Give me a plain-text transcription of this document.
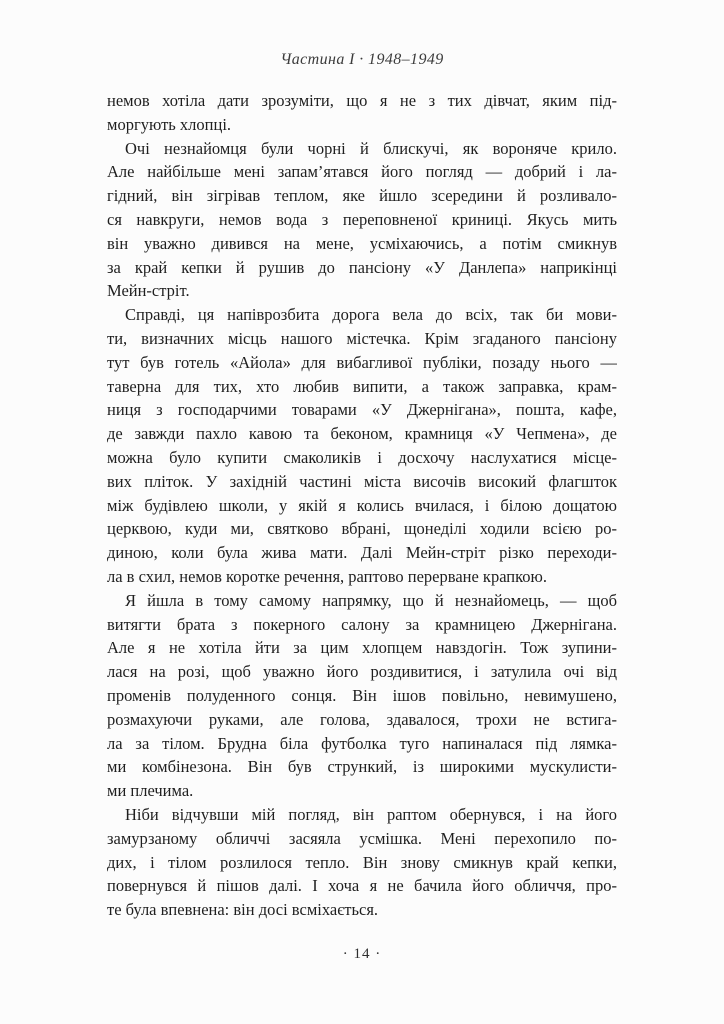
Частина I · 1948–1949
немов хотіла дати зрозуміти, що я не з тих дівчат, яким під-
моргують хлопці.
Очі незнайомця були чорні й блискучі, як вороняче крило.
Але найбільше мені запам’ятався його погляд — добрий і ла-
гідний, він зігрівав теплом, яке йшло зсередини й розливало-
ся навкруги, немов вода з переповненої криниці. Якусь мить
він уважно дивився на мене, усміхаючись, а потім смикнув
за край кепки й рушив до пансіону «У Данлепа» наприкінці
Мейн-стріт.
Справді, ця напіврозбита дорога вела до всіх, так би мови-
ти, визначних місць нашого містечка. Крім згаданого пансіону
тут був готель «Айола» для вибагливої публіки, позаду нього —
таверна для тих, хто любив випити, а також заправка, крам-
ниця з господарчими товарами «У Джернігана», пошта, кафе,
де завжди пахло кавою та беконом, крамниця «У Чепмена», де
можна було купити смаколиків і досхочу наслухатися місце-
вих пліток. У західній частині міста височів високий флагшток
між будівлею школи, у якій я колись вчилася, і білою дощатою
церквою, куди ми, святково вбрані, щонеділі ходили всією ро-
диною, коли була жива мати. Далі Мейн-стріт різко переходи-
ла в схил, немов коротке речення, раптово перерване крапкою.
Я йшла в тому самому напрямку, що й незнайомець, — щоб
витягти брата з покерного салону за крамницею Джернігана.
Але я не хотіла йти за цим хлопцем навздогін. Тож зупини-
лася на розі, щоб уважно його роздивитися, і затулила очі від
променів полуденного сонця. Він ішов повільно, невимушено,
розмахуючи руками, але голова, здавалося, трохи не встига-
ла за тілом. Брудна біла футболка туго напиналася під лямка-
ми комбінезона. Він був стрункий, із широкими мускулисти-
ми плечима.
Ніби відчувши мій погляд, він раптом обернувся, і на його
замурзаному обличчі засяяла усмішка. Мені перехопило по-
дих, і тілом розлилося тепло. Він знову смикнув край кепки,
повернувся й пішов далі. І хоча я не бачила його обличчя, про-
те була впевнена: він досі всміхається.
· 14 ·
